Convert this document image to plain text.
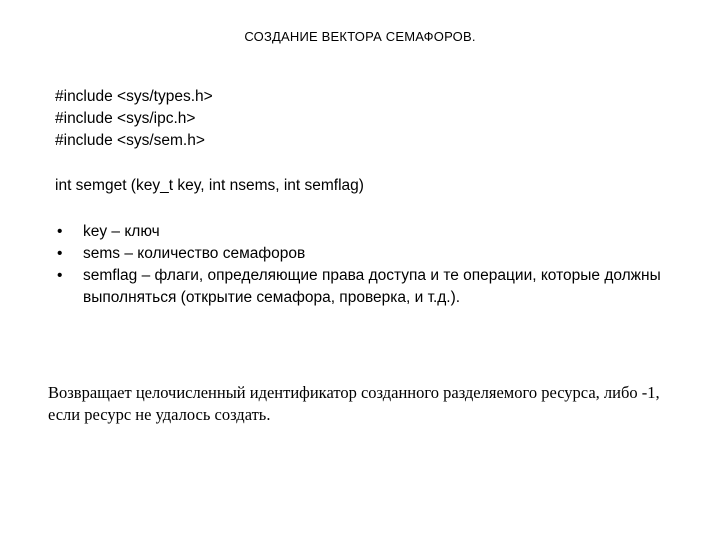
СОЗДАНИЕ ВЕКТОРА СЕМАФОРОВ.
#include <sys/types.h>
#include <sys/ipc.h>
#include <sys/sem.h>
int semget (key_t key, int nsems, int semflag)
• key – ключ
• sems – количество семафоров
• semflag – флаги, определяющие права доступа и те операции, которые должны выполняться (открытие семафора, проверка, и т.д.).
Возвращает целочисленный идентификатор созданного разделяемого ресурса, либо -1, если ресурс не удалось создать.
